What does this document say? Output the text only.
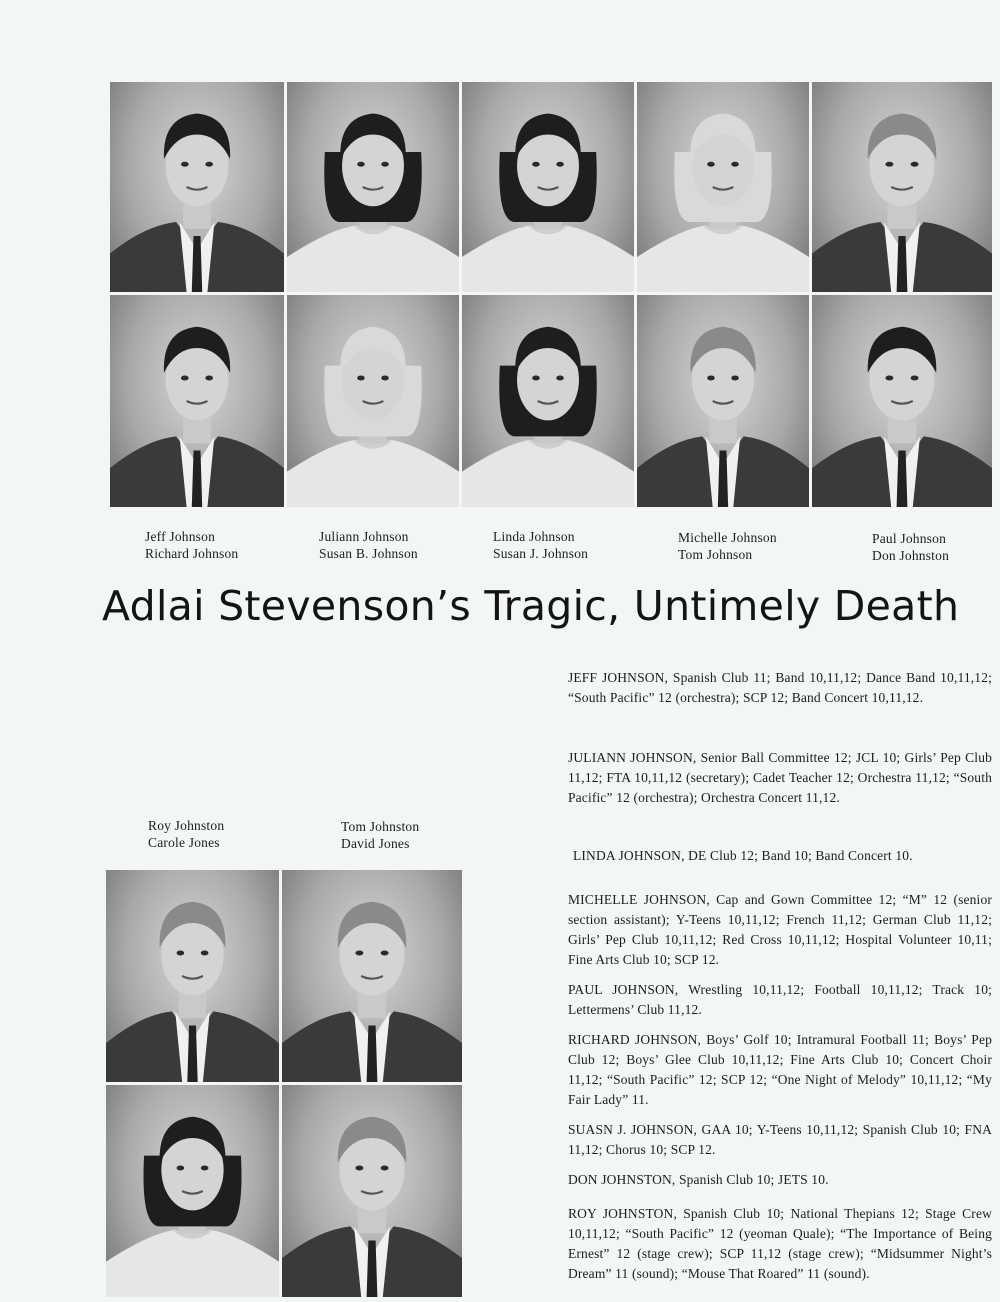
Jeff Johnson
Richard Johnson
Juliann Johnson
Susan B. Johnson
Linda Johnson
Susan J. Johnson
Michelle Johnson
Tom Johnson
Paul Johnson
Don Johnston
Adlai Stevenson’s Tragic, Untimely Death
Roy Johnston
Carole Jones
Tom Johnston
David Jones

JEFF JOHNSON, Spanish Club 11; Band 10,11,12; Dance Band 10,11,12; “South Pacific” 12 (orchestra); SCP 12; Band Concert 10,11,12.

JULIANN JOHNSON, Senior Ball Committee 12; JCL 10; Girls’ Pep Club 11,12; FTA 10,11,12 (secretary); Cadet Teacher 12; Orchestra 11,12; “South Pacific” 12 (orchestra); Orchestra Concert 11,12.

LINDA JOHNSON, DE Club 12; Band 10; Band Concert 10.

MICHELLE JOHNSON, Cap and Gown Committee 12; “M” 12 (senior section assistant); Y-Teens 10,11,12; French 11,12; German Club 11,12; Girls’ Pep Club 10,11,12; Red Cross 10,11,12; Hospital Volunteer 10,11; Fine Arts Club 10; SCP 12.

PAUL JOHNSON, Wrestling 10,11,12; Football 10,11,12; Track 10; Lettermens’ Club 11,12.

RICHARD JOHNSON, Boys’ Golf 10; Intramural Football 11; Boys’ Pep Club 12; Boys’ Glee Club 10,11,12; Fine Arts Club 10; Concert Choir 11,12; “South Pacific” 12; SCP 12; “One Night of Melody” 10,11,12; “My Fair Lady” 11.

SUASN J. JOHNSON, GAA 10; Y-Teens 10,11,12; Spanish Club 10; FNA 11,12; Chorus 10; SCP 12.

DON JOHNSTON, Spanish Club 10; JETS 10.

ROY JOHNSTON, Spanish Club 10; National Thepians 12; Stage Crew 10,11,12; “South Pacific” 12 (yeoman Quale); “The Importance of Being Ernest” 12 (stage crew); SCP 11,12 (stage crew); “Midsummer Night’s Dream” 11 (sound); “Mouse That Roared” 11 (sound).
